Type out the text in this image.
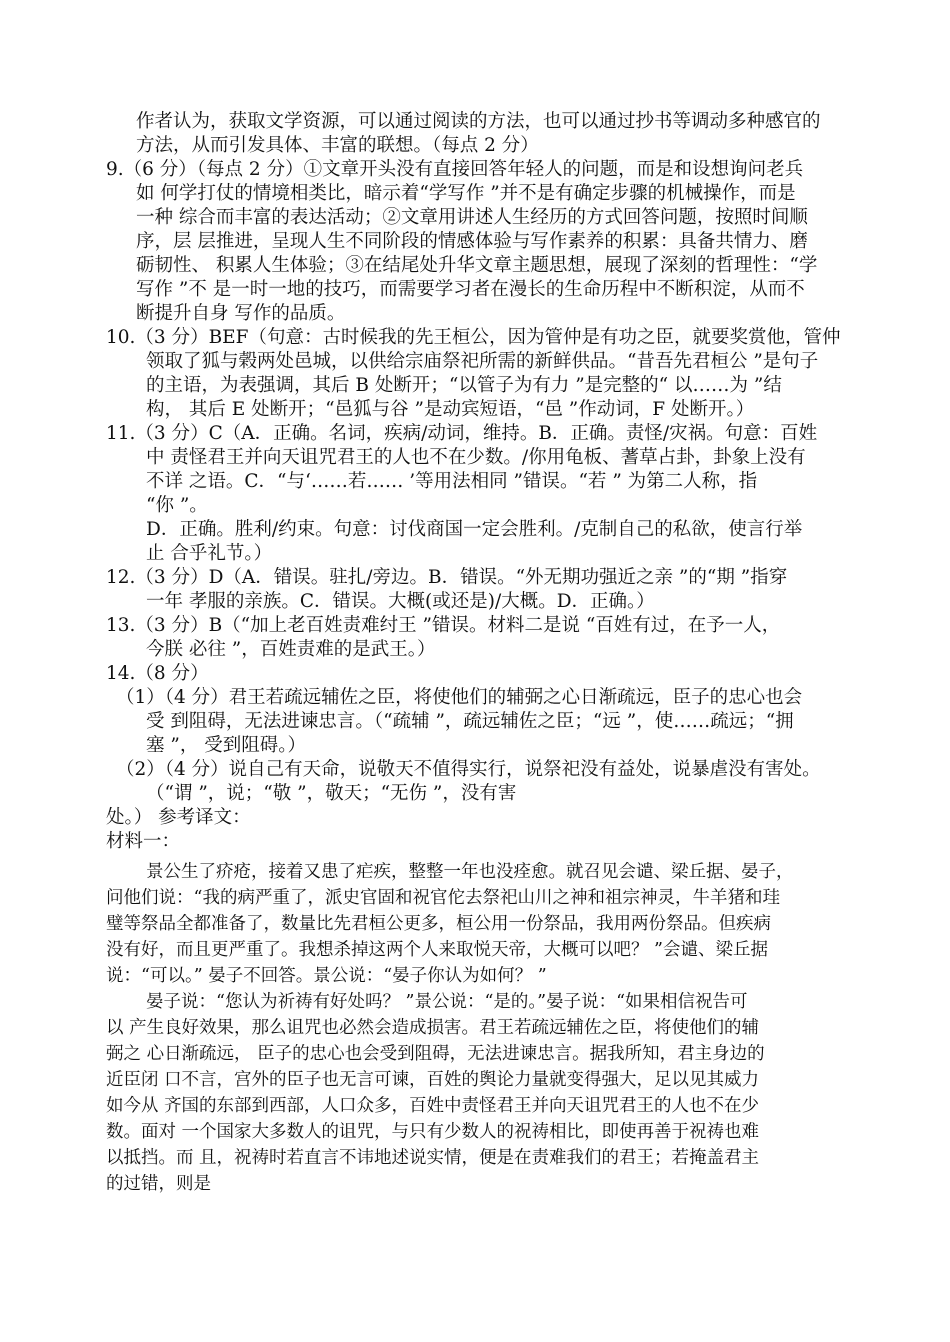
作者认为，获取文学资源，可以通过阅读的方法，也可以通过抄书等调动多种感官的
方法，从而引发具体、丰富的联想。（每点 2 分）
9.（6 分）（每点 2 分）①文章开头没有直接回答年轻人的问题，而是和设想询问老兵
如 何学打仗的情境相类比，暗示着“学写作 ”并不是有确定步骤的机械操作，而是
一种 综合而丰富的表达活动；②文章用讲述人生经历的方式回答问题，按照时间顺
序，层 层推进，呈现人生不同阶段的情感体验与写作素养的积累：具备共情力、磨
砺韧性、 积累人生体验；③在结尾处升华文章主题思想，展现了深刻的哲理性：“学
写作 ”不 是一时一地的技巧，而需要学习者在漫长的生命历程中不断积淀，从而不
断提升自身 写作的品质。
10.（3 分）BEF（句意：古时候我的先王桓公，因为管仲是有功之臣，就要奖赏他，管仲
领取了狐与榖两处邑城，以供给宗庙祭祀所需的新鲜供品。“昔吾先君桓公 ”是句子
的主语，为表强调，其后 B 处断开；“以管子为有力 ”是完整的“ 以……为 ”结
构， 其后 E 处断开；“邑狐与谷 ”是动宾短语，“邑 ”作动词，F 处断开。）
11.（3 分）C（A．正确。名词，疾病/动词，维持。B．正确。责怪/灾祸。句意：百姓
中 责怪君王并向天诅咒君王的人也不在少数。/你用龟板、蓍草占卦，卦象上没有
不详 之语。C．“与‘……若…… ’等用法相同 ”错误。“若 ” 为第二人称，指
“你 ”。
D．正确。胜利/约束。句意：讨伐商国一定会胜利。/克制自己的私欲，使言行举
止 合乎礼节。）
12.（3 分）D（A．错误。驻扎/旁边。B．错误。“外无期功强近之亲 ”的“期 ”指穿
一年 孝服的亲族。C．错误。大概(或还是)/大概。D．正确。）
13.（3 分）B（“加上老百姓责难纣王 ”错误。材料二是说 “百姓有过，在予一人，
今朕 必往 ”，百姓责难的是武王。）
14.（8 分）
（1）（4 分）君王若疏远辅佐之臣，将使他们的辅弼之心日渐疏远，臣子的忠心也会
受 到阻碍，无法进谏忠言。（“疏辅 ”，疏远辅佐之臣；“远 ”，使……疏远；“拥
塞 ”， 受到阻碍。）
（2）（4 分）说自己有天命，说敬天不值得实行，说祭祀没有益处，说暴虐没有害处。
（“谓 ”，说；“敬 ”，敬天；“无伤 ”，没有害
处。） 参考译文：
材料一：
景公生了疥疮，接着又患了疟疾，整整一年也没痊愈。就召见会谴、梁丘据、晏子，
问他们说：“我的病严重了，派史官固和祝官佗去祭祀山川之神和祖宗神灵，牛羊猪和珪
璧等祭品全都准备了，数量比先君桓公更多，桓公用一份祭品，我用两份祭品。但疾病
没有好，而且更严重了。我想杀掉这两个人来取悦天帝，大概可以吧？ ”会谴、梁丘据
说：“可以。” 晏子不回答。景公说：“晏子你认为如何？ ”
晏子说：“您认为祈祷有好处吗？ ”景公说：“是的。”晏子说：“如果相信祝告可
以 产生良好效果，那么诅咒也必然会造成损害。君王若疏远辅佐之臣，将使他们的辅
弼之 心日渐疏远， 臣子的忠心也会受到阻碍，无法进谏忠言。据我所知，君主身边的
近臣闭 口不言，宫外的臣子也无言可谏，百姓的舆论力量就变得强大，足以见其威力
如今从 齐国的东部到西部，人口众多，百姓中责怪君王并向天诅咒君王的人也不在少
数。面对 一个国家大多数人的诅咒，与只有少数人的祝祷相比，即使再善于祝祷也难
以抵挡。而 且，祝祷时若直言不讳地述说实情，便是在责难我们的君王；若掩盖君主
的过错，则是
